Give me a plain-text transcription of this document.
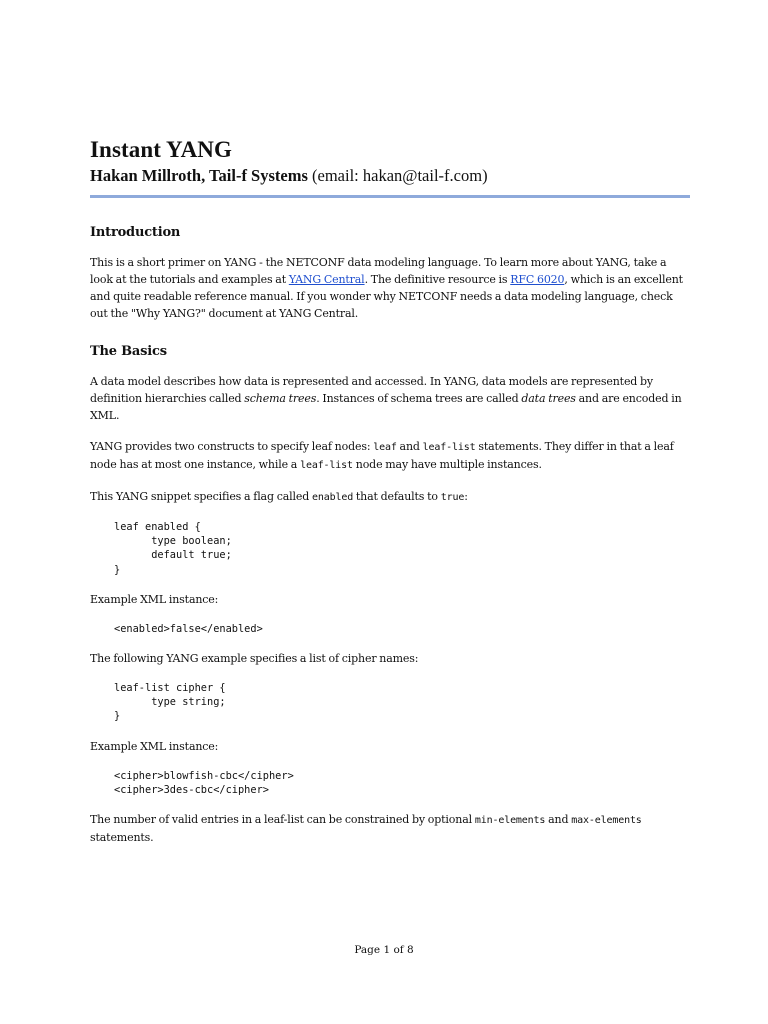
Instant YANG
Hakan Millroth, Tail-f Systems (email: hakan@tail-f.com)
Introduction

This is a short primer on YANG - the NETCONF data modeling language. To learn more about YANG, take a look at the tutorials and examples at YANG Central. The definitive resource is RFC 6020, which is an excellent and quite readable reference manual. If you wonder why NETCONF needs a data modeling language, check out the "Why YANG?" document at YANG Central.

The Basics

A data model describes how data is represented and accessed. In YANG, data models are represented by definition hierarchies called schema trees. Instances of schema trees are called data trees and are encoded in XML.

YANG provides two constructs to specify leaf nodes: leaf and leaf-list statements. They differ in that a leaf node has at most one instance, while a leaf-list node may have multiple instances.

This YANG snippet specifies a flag called enabled that defaults to true:

leaf enabled {
type boolean;
default true;
}

Example XML instance:

<enabled>false</enabled>

The following YANG example specifies a list of cipher names:

leaf-list cipher {
type string;
}

Example XML instance:

<cipher>blowfish-cbc</cipher>
<cipher>3des-cbc</cipher>

The number of valid entries in a leaf-list can be constrained by optional min-elements and max-elements statements.

Page 1 of 8
